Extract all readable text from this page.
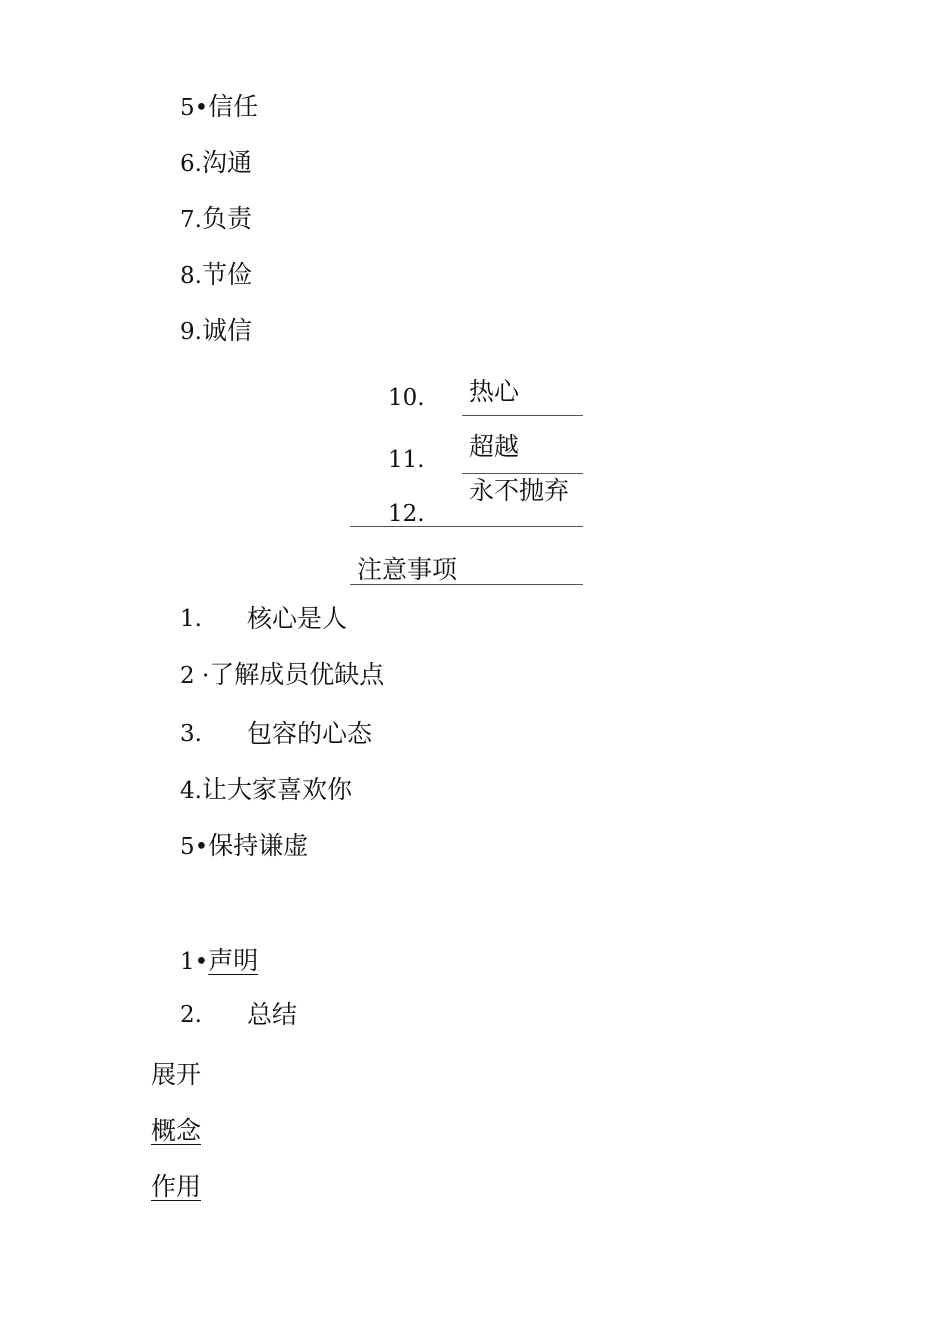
5•信任
6.沟通
7.负责
8.节俭
9.诚信
10. 热心
11. 超越
12.
永不抛弃
注意事项
1. 核心是人
2 ·了解成员优缺点
3. 包容的心态
4.让大家喜欢你
5•保持谦虚
1•声明
2. 总结
展开
概念
作用
